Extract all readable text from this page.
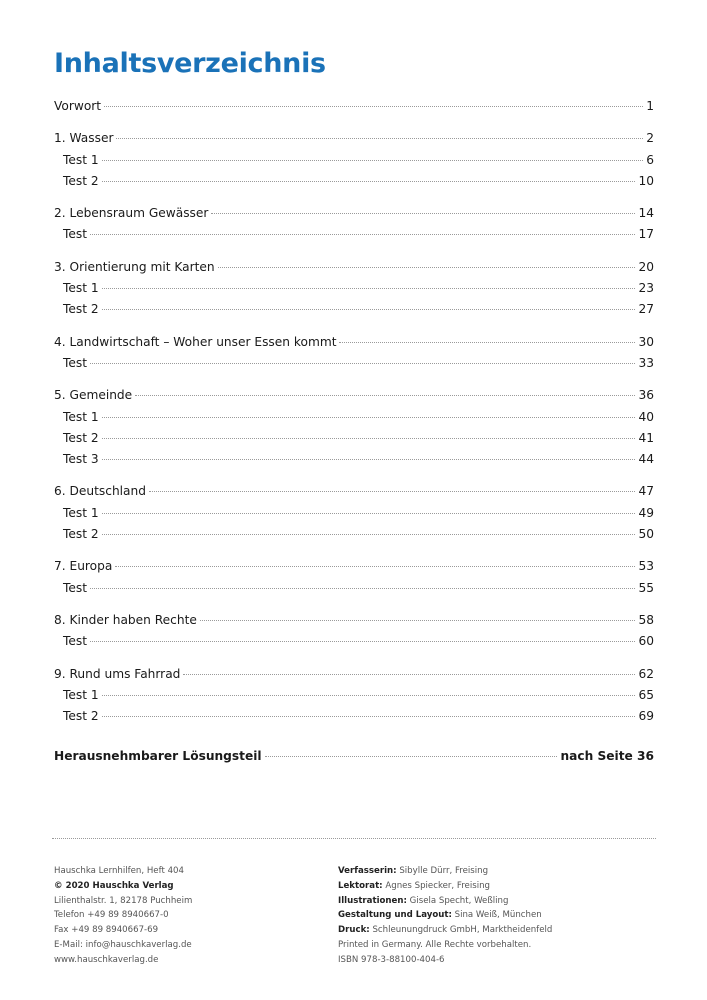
Inhaltsverzeichnis
Vorwort	1
1. Wasser	2
Test 1	6
Test 2	10
2. Lebensraum Gewässer	14
Test	17
3. Orientierung mit Karten	20
Test 1	23
Test 2	27
4. Landwirtschaft – Woher unser Essen kommt	30
Test	33
5. Gemeinde	36
Test 1	40
Test 2	41
Test 3	44
6. Deutschland	47
Test 1	49
Test 2	50
7. Europa	53
Test	55
8. Kinder haben Rechte	58
Test	60
9. Rund ums Fahrrad	62
Test 1	65
Test 2	69
Herausnehmbarer Lösungsteil	nach Seite 36
Hauschka Lernhilfen, Heft 404
© 2020 Hauschka Verlag
Lilienthalstr. 1, 82178 Puchheim
Telefon +49 89 8940667-0
Fax +49 89 8940667-69
E-Mail: info@hauschkaverlag.de
www.hauschkaverlag.de
Verfasserin: Sibylle Dürr, Freising
Lektorat: Agnes Spiecker, Freising
Illustrationen: Gisela Specht, Weßling
Gestaltung und Layout: Sina Weiß, München
Druck: Schleunungdruck GmbH, Marktheidenfeld
Printed in Germany. Alle Rechte vorbehalten.
ISBN 978-3-88100-404-6
